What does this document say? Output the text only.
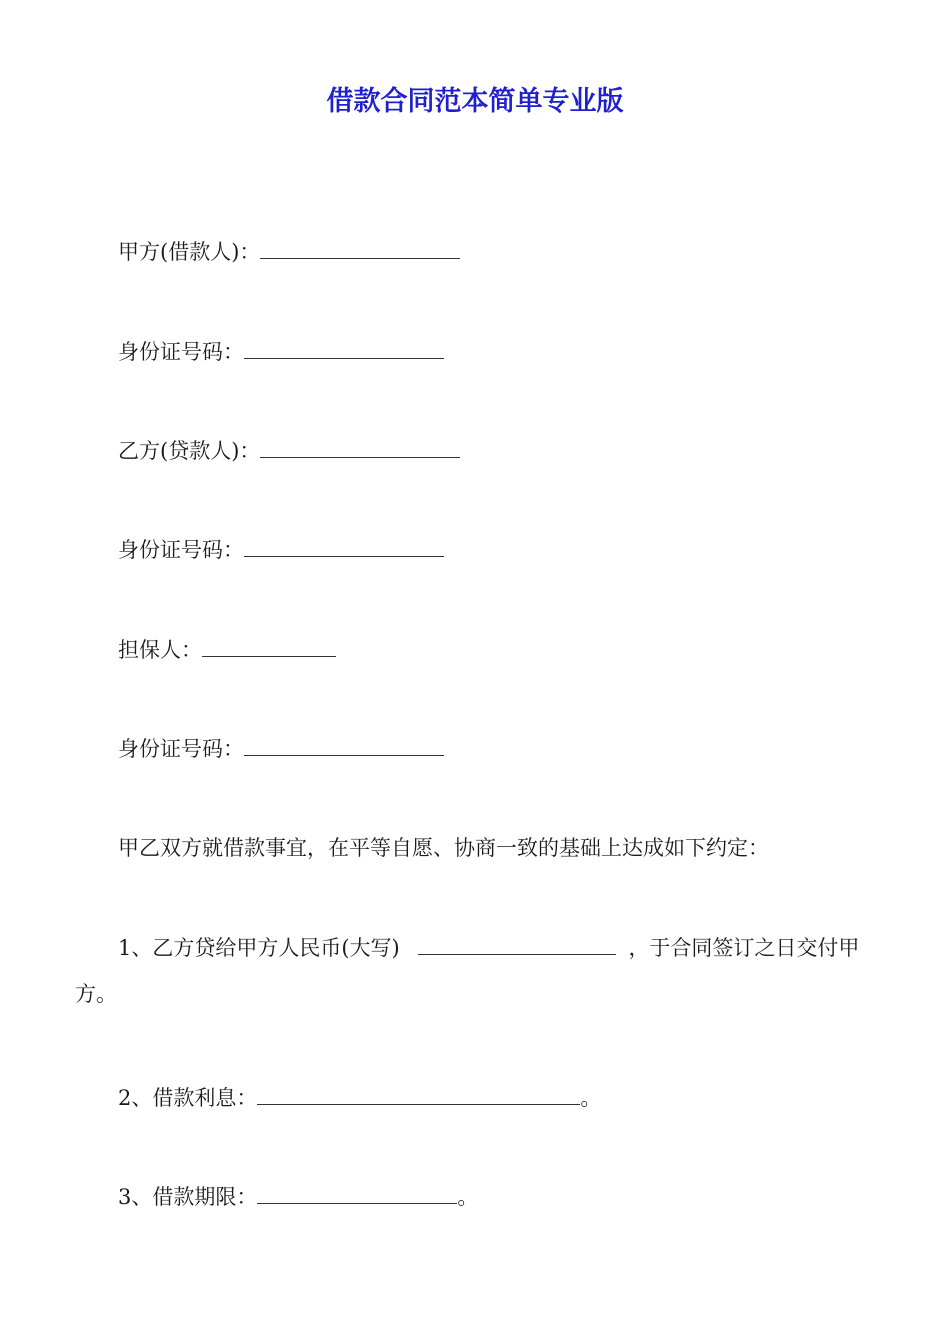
借款合同范本简单专业版
甲方(借款人)：
身份证号码：
乙方(贷款人)：
身份证号码：
担保人：
身份证号码：
甲乙双方就借款事宜，在平等自愿、协商一致的基础上达成如下约定：
1、乙方贷给甲方人民币(大写)	，于合同签订之日交付甲方。
2、借款利息：	。
3、借款期限：	。
